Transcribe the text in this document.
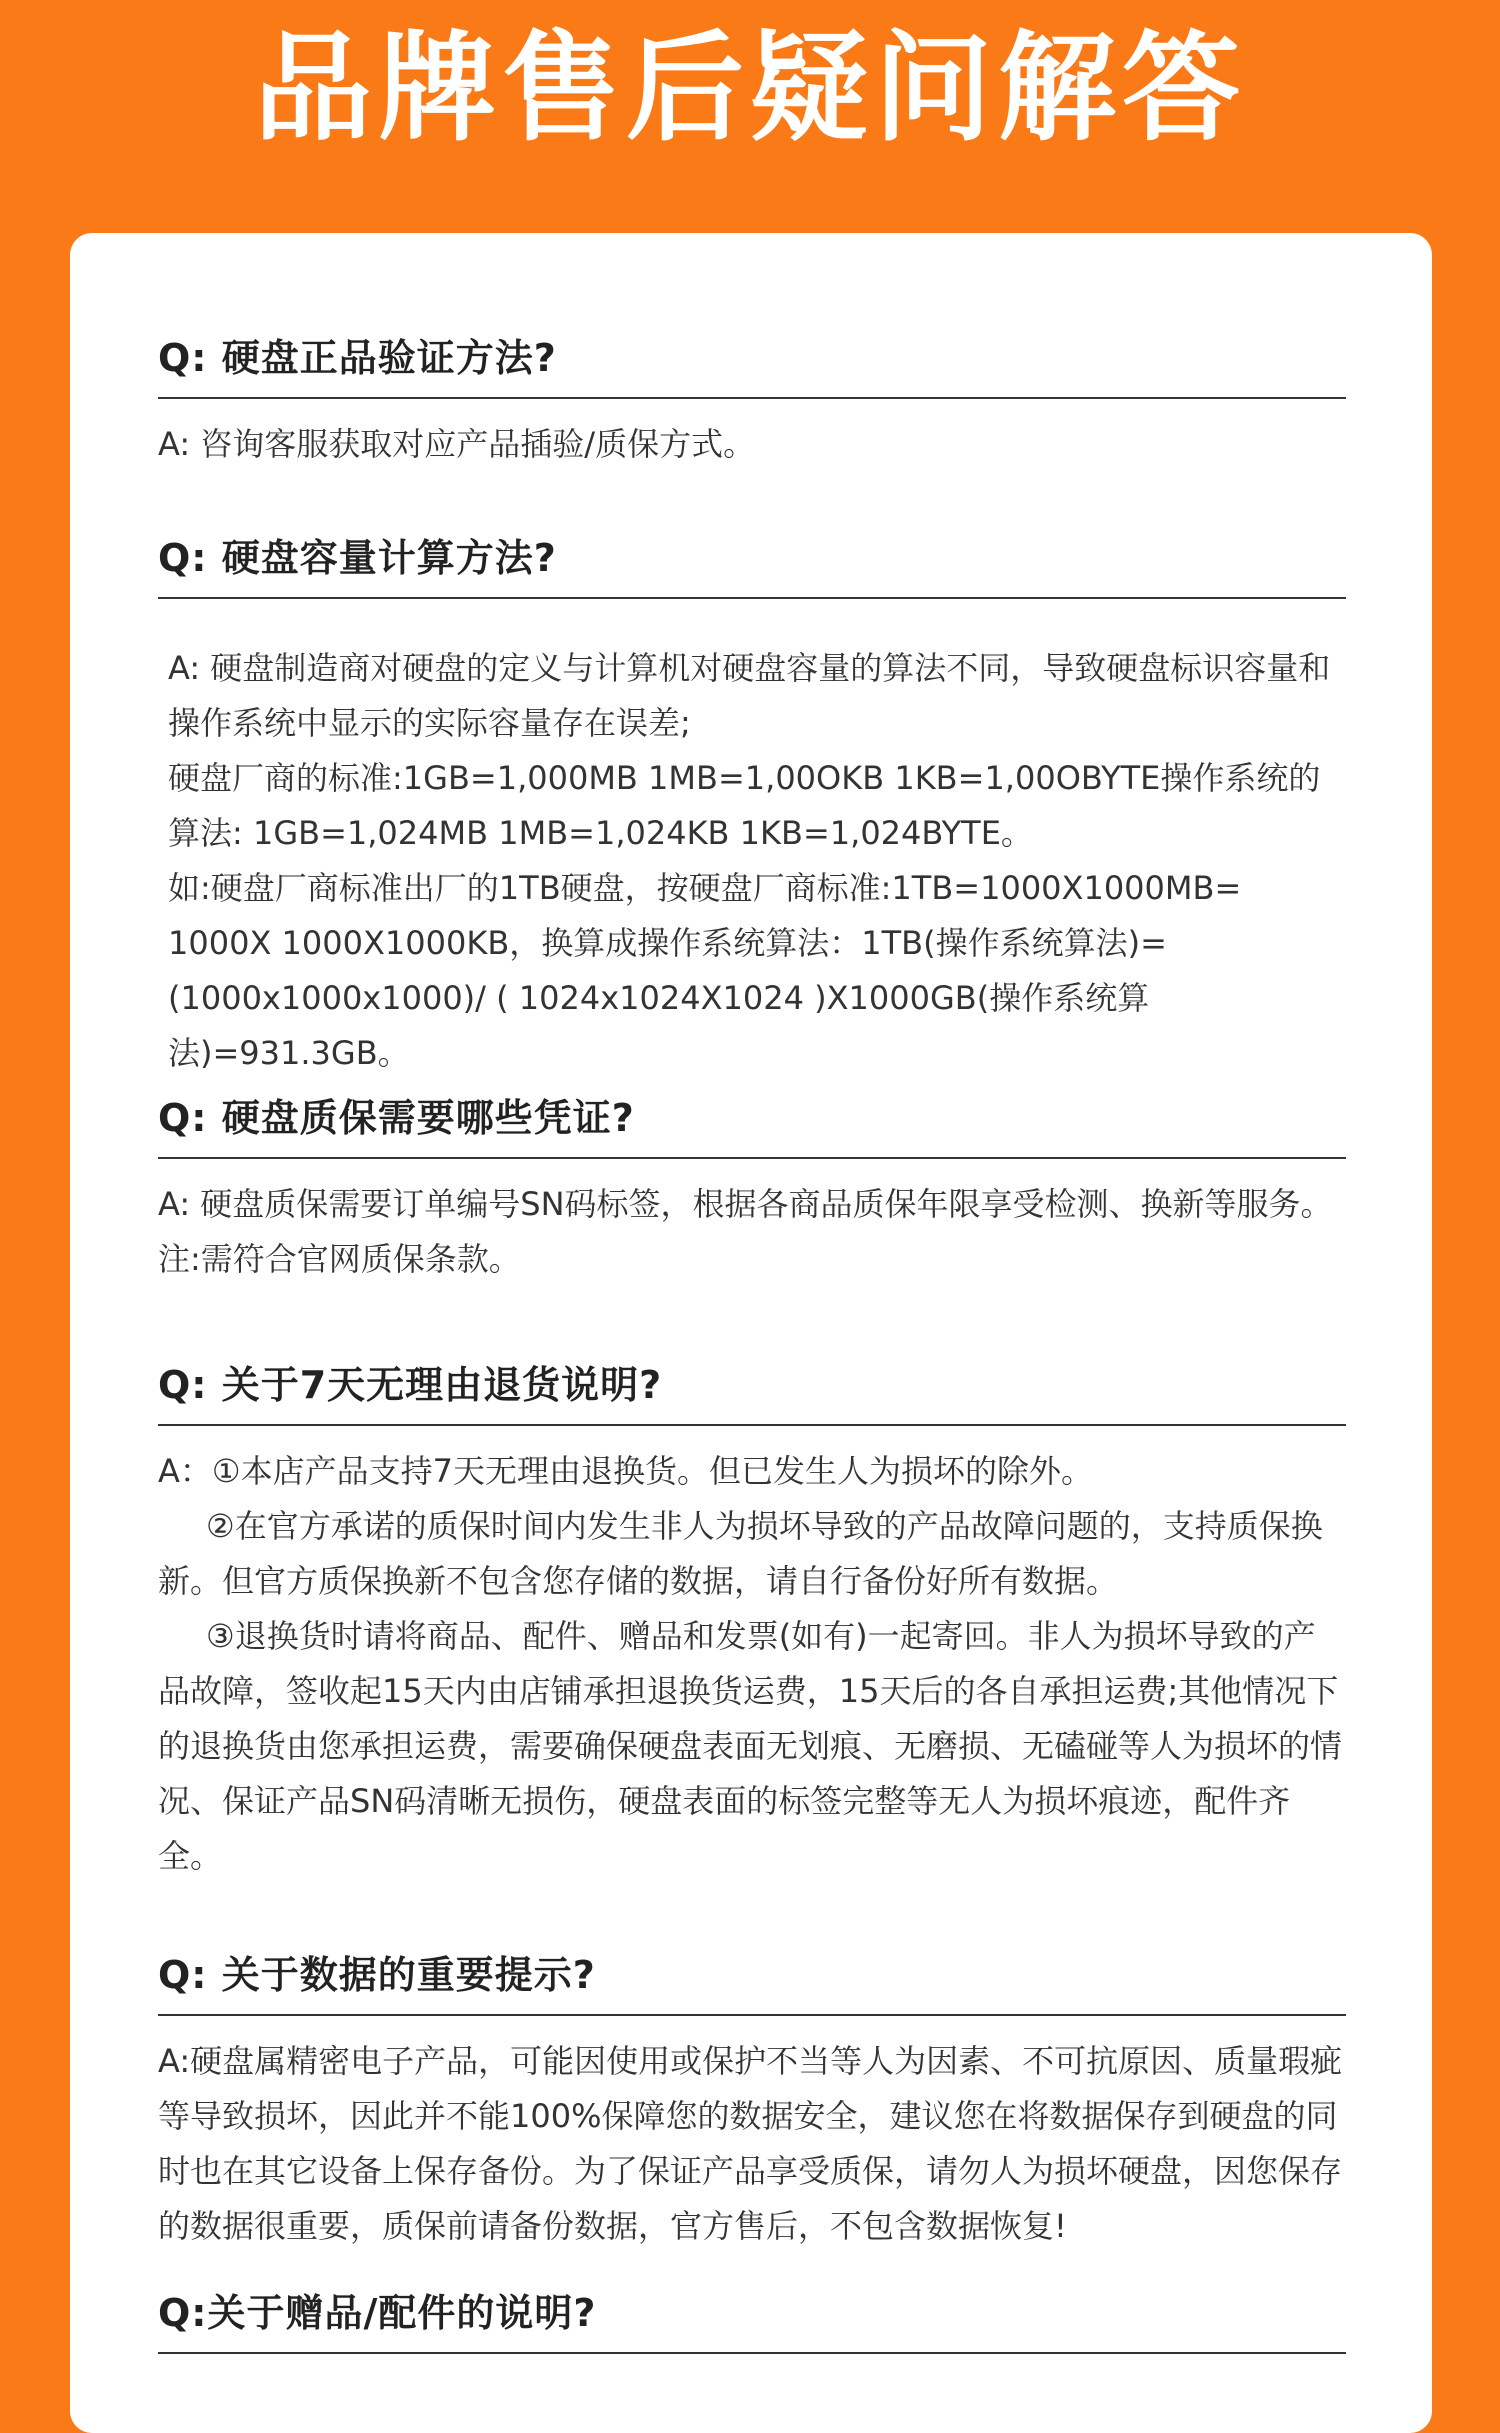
品牌售后疑问解答
Q: 硬盘正品验证方法?

A: 咨询客服获取对应产品插验/质保方式。

Q: 硬盘容量计算方法?

A: 硬盘制造商对硬盘的定义与计算机对硬盘容量的算法不同，导致硬盘标识容量和操作系统中显示的实际容量存在误差;

硬盘厂商的标准:1GB=1,000MB 1MB=1,00OKB 1KB=1,00OBYTE操作系统的算法: 1GB=1,024MB 1MB=1,024KB 1KB=1,024BYTE。

如:硬盘厂商标准出厂的1TB硬盘，按硬盘厂商标准:1TB=1000X1000MB= 1000X 1000X1000KB，换算成操作系统算法：1TB(操作系统算法)=(1000x1000x1000)/ ( 1024x1024X1024 )X1000GB(操作系统算法)=931.3GB。

Q: 硬盘质保需要哪些凭证?

A: 硬盘质保需要订单编号SN码标签，根据各商品质保年限享受检测、换新等服务。注:需符合官网质保条款。

Q: 关于7天无理由退货说明?

A：①本店产品支持7天无理由退换货。但已发生人为损坏的除外。

②在官方承诺的质保时间内发生非人为损坏导致的产品故障问题的，支持质保换新。但官方质保换新不包含您存储的数据，请自行备份好所有数据。

③退换货时请将商品、配件、赠品和发票(如有)一起寄回。非人为损坏导致的产品故障，签收起15天内由店铺承担退换货运费，15天后的各自承担运费;其他情况下的退换货由您承担运费，需要确保硬盘表面无划痕、无磨损、无磕碰等人为损坏的情况、保证产品SN码清晰无损伤，硬盘表面的标签完整等无人为损坏痕迹，配件齐全。

Q: 关于数据的重要提示?

A:硬盘属精密电子产品，可能因使用或保护不当等人为因素、不可抗原因、质量瑕疵等导致损坏，因此并不能100%保障您的数据安全，建议您在将数据保存到硬盘的同时也在其它设备上保存备份。为了保证产品享受质保，请勿人为损坏硬盘，因您保存的数据很重要，质保前请备份数据，官方售后，不包含数据恢复!

Q:关于赠品/配件的说明?
